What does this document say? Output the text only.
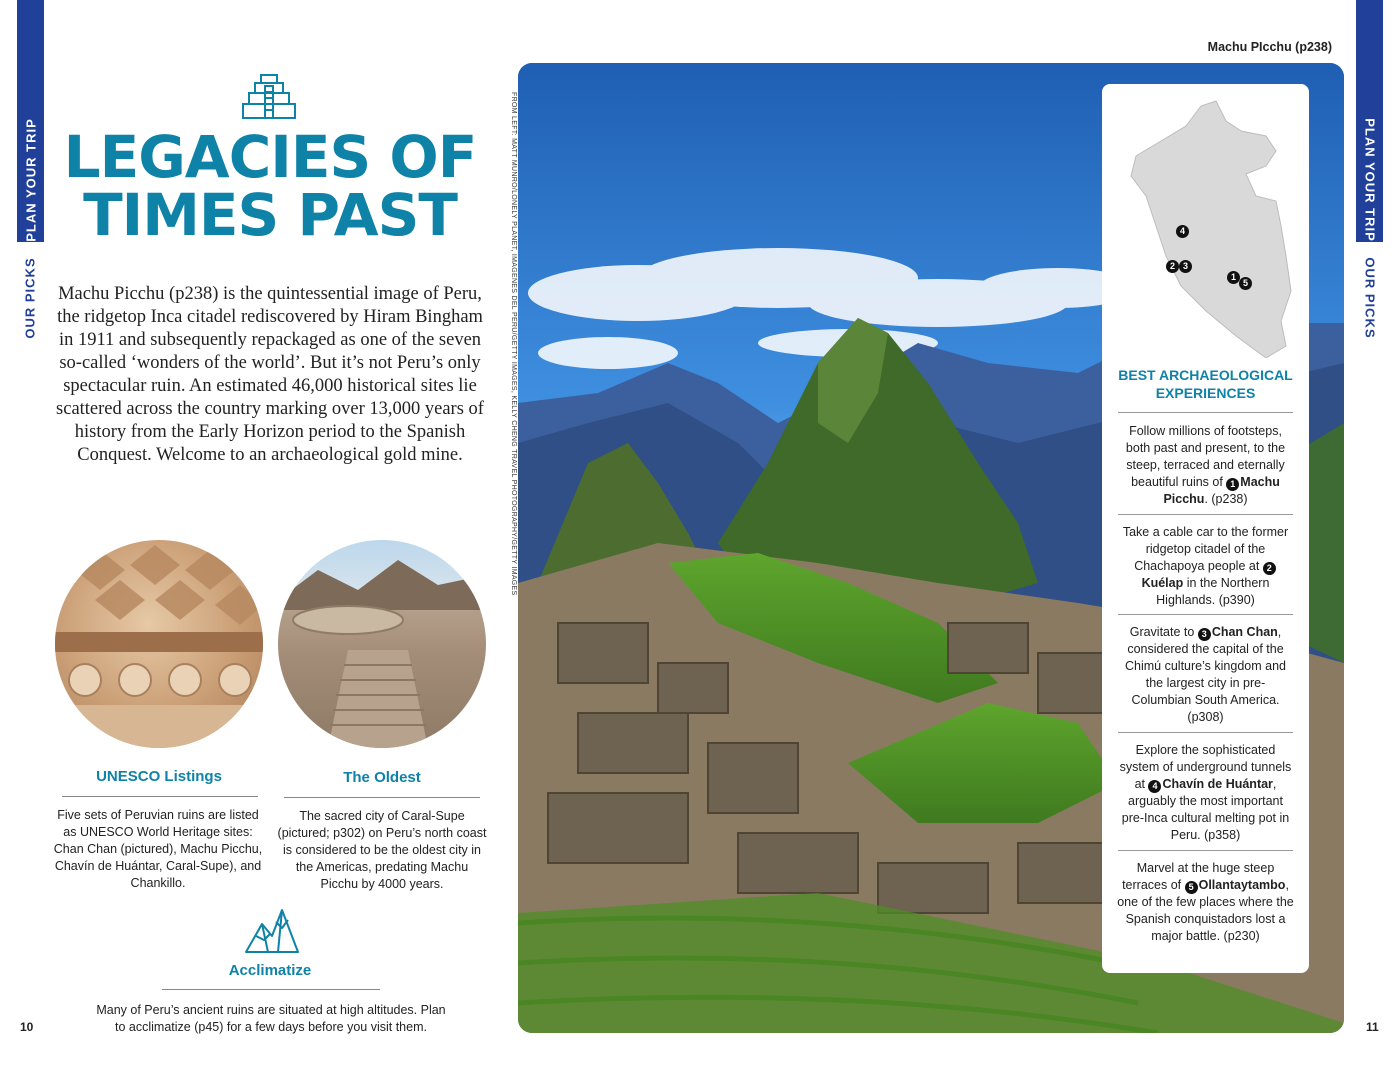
PLAN YOUR TRIP
OUR PICKS
PLAN YOUR TRIP
OUR PICKS
LEGACIES OF
TIMES PAST

Machu Picchu (p238) is the quintessential image of Peru, the ridgetop Inca citadel rediscovered by Hiram Bingham in 1911 and subsequently repackaged as one of the seven so-called ‘wonders of the world’. But it’s not Peru’s only spectacular ruin. An estimated 46,000 historical sites lie scattered across the country marking over 13,000 years of history from the Early Horizon period to the Spanish Conquest. Welcome to an archaeological gold mine.

UNESCO Listings
Five sets of Peruvian ruins are listed as UNESCO World Heritage sites: Chan Chan (pictured), Machu Picchu, Chavín de Huántar, Caral-Supe), and Chankillo.
The Oldest
The sacred city of Caral-Supe (pictured; p302) on Peru’s north coast is considered to be the oldest city in the Americas, predating Machu Picchu by 4000 years.
Acclimatize
Many of Peru’s ancient ruins are situated at high altitudes. Plan to acclimatize (p45) for a few days before you visit them.
10	11
FROM LEFT: MATT MUNRO/LONELY PLANET, IMAGENES DEL PERU/GETTY IMAGES, KELLY CHENG TRAVEL PHOTOGRAPHY/GETTY IMAGES
Machu PIcchu (p238)
4
2 3
1
5
BEST ARCHAEOLOGICAL EXPERIENCES
Follow millions of footsteps, both past and present, to the steep, terraced and eternally beautiful ruins of 1 Machu Picchu. (p238)
Take a cable car to the former ridgetop citadel of the Chachapoya people at 2Kuélap in the Northern Highlands. (p390)
Gravitate to 3 Chan Chan, considered the capital of the Chimú culture’s kingdom and the largest city in pre-Columbian South America. (p308)
Explore the sophisticated system of underground tunnels at 4 Chavín de Huántar, arguably the most important pre-Inca cultural melting pot in Peru. (p358)
Marvel at the huge steep terraces of 5 Ollantaytambo, one of the few places where the Spanish conquistadors lost a major battle. (p230)
